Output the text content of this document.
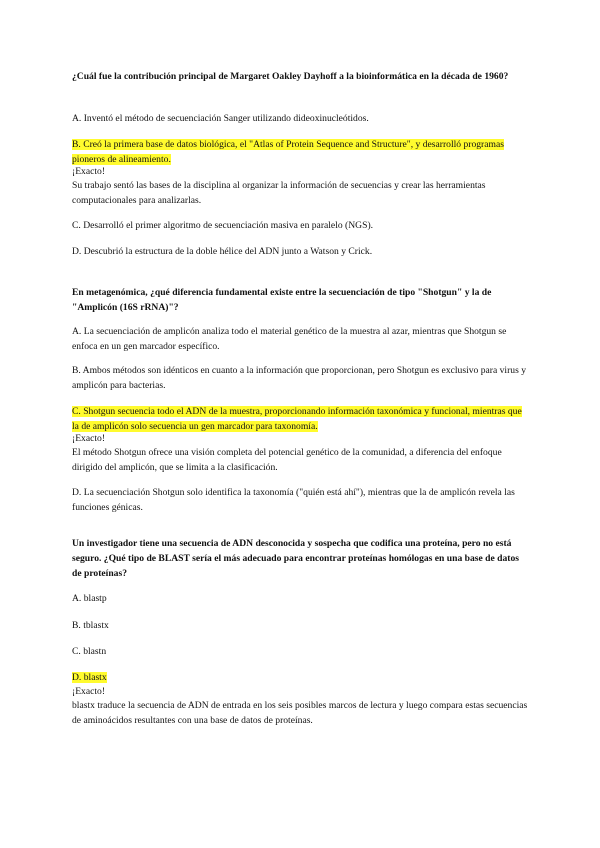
¿Cuál fue la contribución principal de Margaret Oakley Dayhoff a la bioinformática en la década de 1960?
A. Inventó el método de secuenciación Sanger utilizando dideoxinucleótidos.
B. Creó la primera base de datos biológica, el "Atlas of Protein Sequence and Structure", y desarrolló programas pioneros de alineamiento.
¡Exacto!
Su trabajo sentó las bases de la disciplina al organizar la información de secuencias y crear las herramientas computacionales para analizarlas.
C. Desarrolló el primer algoritmo de secuenciación masiva en paralelo (NGS).
D. Descubrió la estructura de la doble hélice del ADN junto a Watson y Crick.
En metagenómica, ¿qué diferencia fundamental existe entre la secuenciación de tipo "Shotgun" y la de "Amplicón (16S rRNA)"?
A. La secuenciación de amplicón analiza todo el material genético de la muestra al azar, mientras que Shotgun se enfoca en un gen marcador específico.
B. Ambos métodos son idénticos en cuanto a la información que proporcionan, pero Shotgun es exclusivo para virus y amplicón para bacterias.
C. Shotgun secuencia todo el ADN de la muestra, proporcionando información taxonómica y funcional, mientras que la de amplicón solo secuencia un gen marcador para taxonomía.
¡Exacto!
El método Shotgun ofrece una visión completa del potencial genético de la comunidad, a diferencia del enfoque dirigido del amplicón, que se limita a la clasificación.
D. La secuenciación Shotgun solo identifica la taxonomía ("quién está ahí"), mientras que la de amplicón revela las funciones génicas.
Un investigador tiene una secuencia de ADN desconocida y sospecha que codifica una proteína, pero no está seguro. ¿Qué tipo de BLAST sería el más adecuado para encontrar proteínas homólogas en una base de datos de proteínas?
A. blastp
B. tblastx
C. blastn
D. blastx
¡Exacto!
blastx traduce la secuencia de ADN de entrada en los seis posibles marcos de lectura y luego compara estas secuencias de aminoácidos resultantes con una base de datos de proteínas.
